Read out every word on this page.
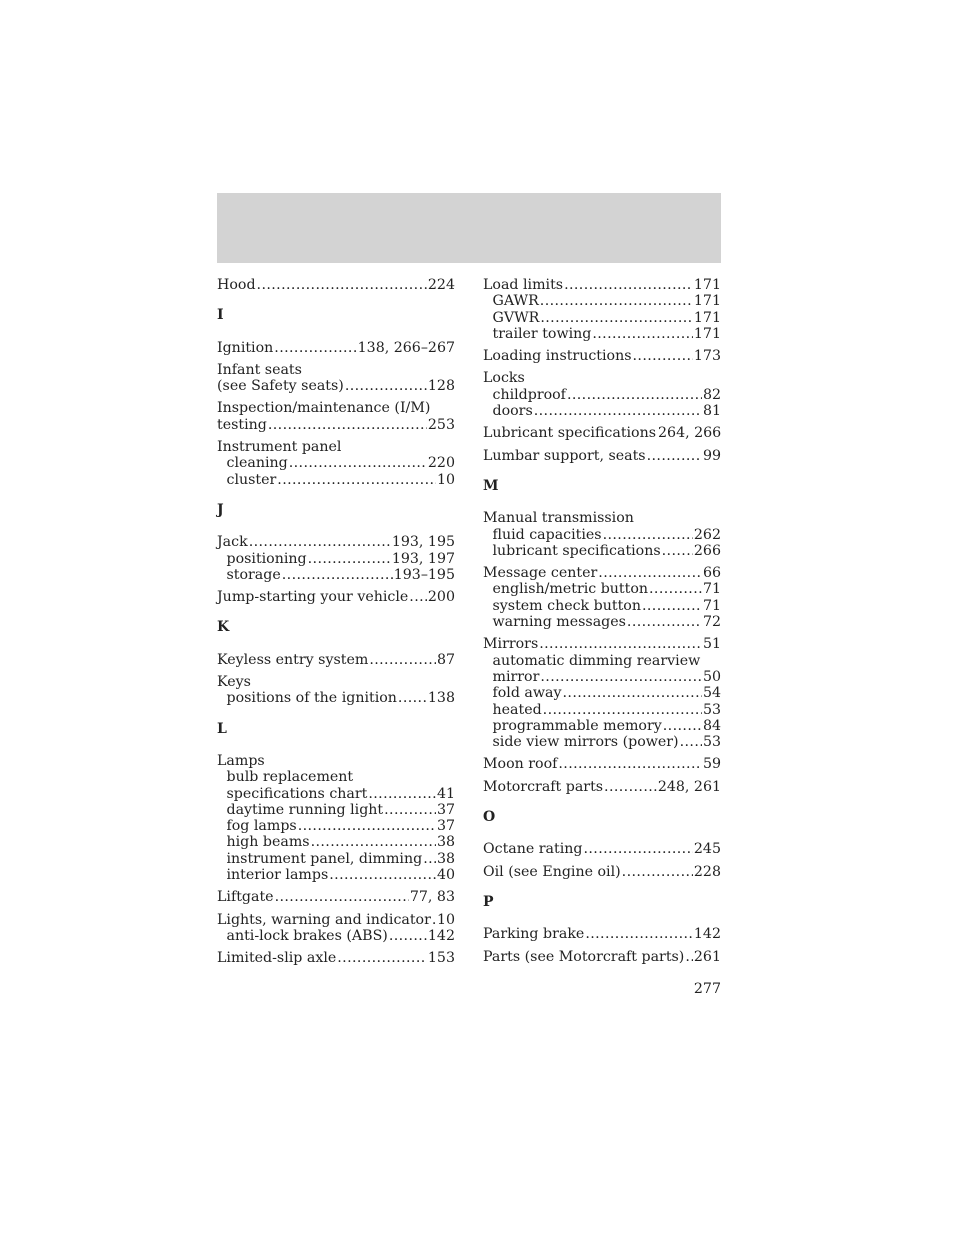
Hood .....	224
I
Ignition .....	138, 266–267
Infant seats
(see Safety seats) .....	128
Inspection/maintenance (I/M)
testing .....	253
Instrument panel
cleaning .....	220
cluster .....	10
J
Jack .....	193, 195
positioning .....	193, 197
storage .....	193–195
Jump-starting your vehicle ..... 200
K
Keyless entry system .....	87
Keys
positions of the ignition ..... 138
L
Lamps
bulb replacement
specifications chart .....	41
daytime running light .....	37
fog lamps .....	37
high beams .....	38
instrument panel, dimming ..... 38
interior lamps .....	40
Liftgate .....	77, 83
Lights, warning and indicator ..... 10
anti-lock brakes (ABS) .....	142
Limited-slip axle .....	153
Load limits .....	171
GAWR .....	171
GVWR .....	171
trailer towing .....	171
Loading instructions .....	173
Locks
childproof .....	82
doors .....	81
Lubricant specifications 264, 266
Lumbar support, seats .....	99
M
Manual transmission
fluid capacities .....	262
lubricant specifications ..... 266
Message center .....	66
english/metric button .....	71
system check button .....	71
warning messages .....	72
Mirrors .....	51
automatic dimming rearview
mirror .....	50
fold away .....	54
heated .....	53
programmable memory .....	84
side view mirrors (power) ..... 53
Moon roof .....	59
Motorcraft parts .....	248, 261
O
Octane rating .....	245
Oil (see Engine oil) .....	228
P
Parking brake .....	142
Parts (see Motorcraft parts) ..... 261
277
